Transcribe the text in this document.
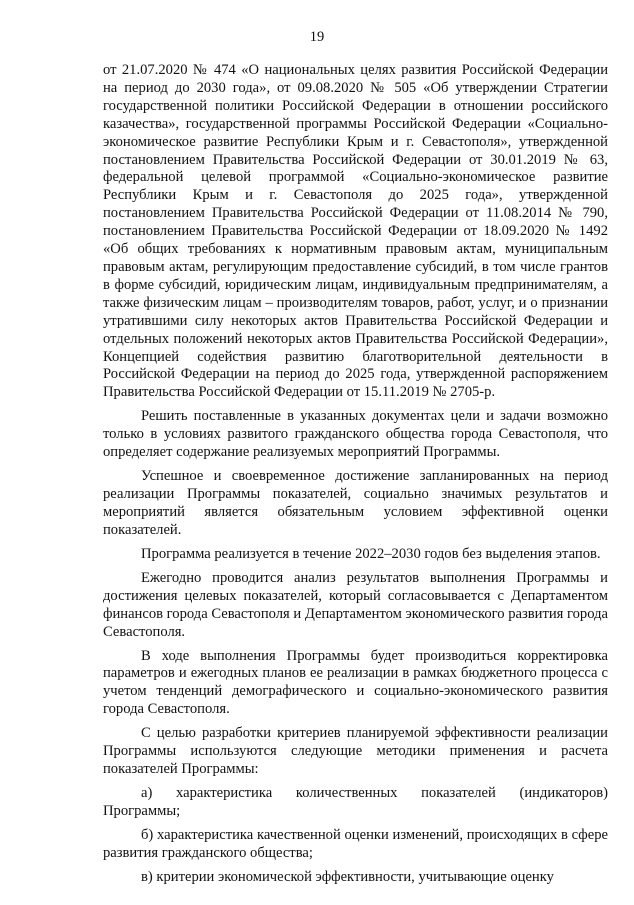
19

от 21.07.2020 № 474 «О национальных целях развития Российской Федерации на период до 2030 года», от 09.08.2020 № 505 «Об утверждении Стратегии государственной политики Российской Федерации в отношении российского казачества», государственной программы Российской Федерации «Социально-экономическое развитие Республики Крым и г. Севастополя», утвержденной постановлением Правительства Российской Федерации от 30.01.2019 № 63, федеральной целевой программой «Социально-экономическое развитие Республики Крым и г. Севастополя до 2025 года», утвержденной постановлением Правительства Российской Федерации от 11.08.2014 № 790, постановлением Правительства Российской Федерации от 18.09.2020 № 1492 «Об общих требованиях к нормативным правовым актам, муниципальным правовым актам, регулирующим предоставление субсидий, в том числе грантов в форме субсидий, юридическим лицам, индивидуальным предпринимателям, а также физическим лицам – производителям товаров, работ, услуг, и о признании утратившими силу некоторых актов Правительства Российской Федерации и отдельных положений некоторых актов Правительства Российской Федерации», Концепцией содействия развитию благотворительной деятельности в Российской Федерации на период до 2025 года, утвержденной распоряжением Правительства Российской Федерации от 15.11.2019 № 2705-р.

Решить поставленные в указанных документах цели и задачи возможно только в условиях развитого гражданского общества города Севастополя, что определяет содержание реализуемых мероприятий Программы.

Успешное и своевременное достижение запланированных на период реализации Программы показателей, социально значимых результатов и мероприятий является обязательным условием эффективной оценки показателей.

Программа реализуется в течение 2022–2030 годов без выделения этапов.

Ежегодно проводится анализ результатов выполнения Программы и достижения целевых показателей, который согласовывается с Департаментом финансов города Севастополя и Департаментом экономического развития города Севастополя.

В ходе выполнения Программы будет производиться корректировка параметров и ежегодных планов ее реализации в рамках бюджетного процесса с учетом тенденций демографического и социально-экономического развития города Севастополя.

С целью разработки критериев планируемой эффективности реализации Программы используются следующие методики применения и расчета показателей Программы:

а) характеристика количественных показателей (индикаторов) Программы;

б) характеристика качественной оценки изменений, происходящих в сфере развития гражданского общества;

в) критерии экономической эффективности, учитывающие оценку
